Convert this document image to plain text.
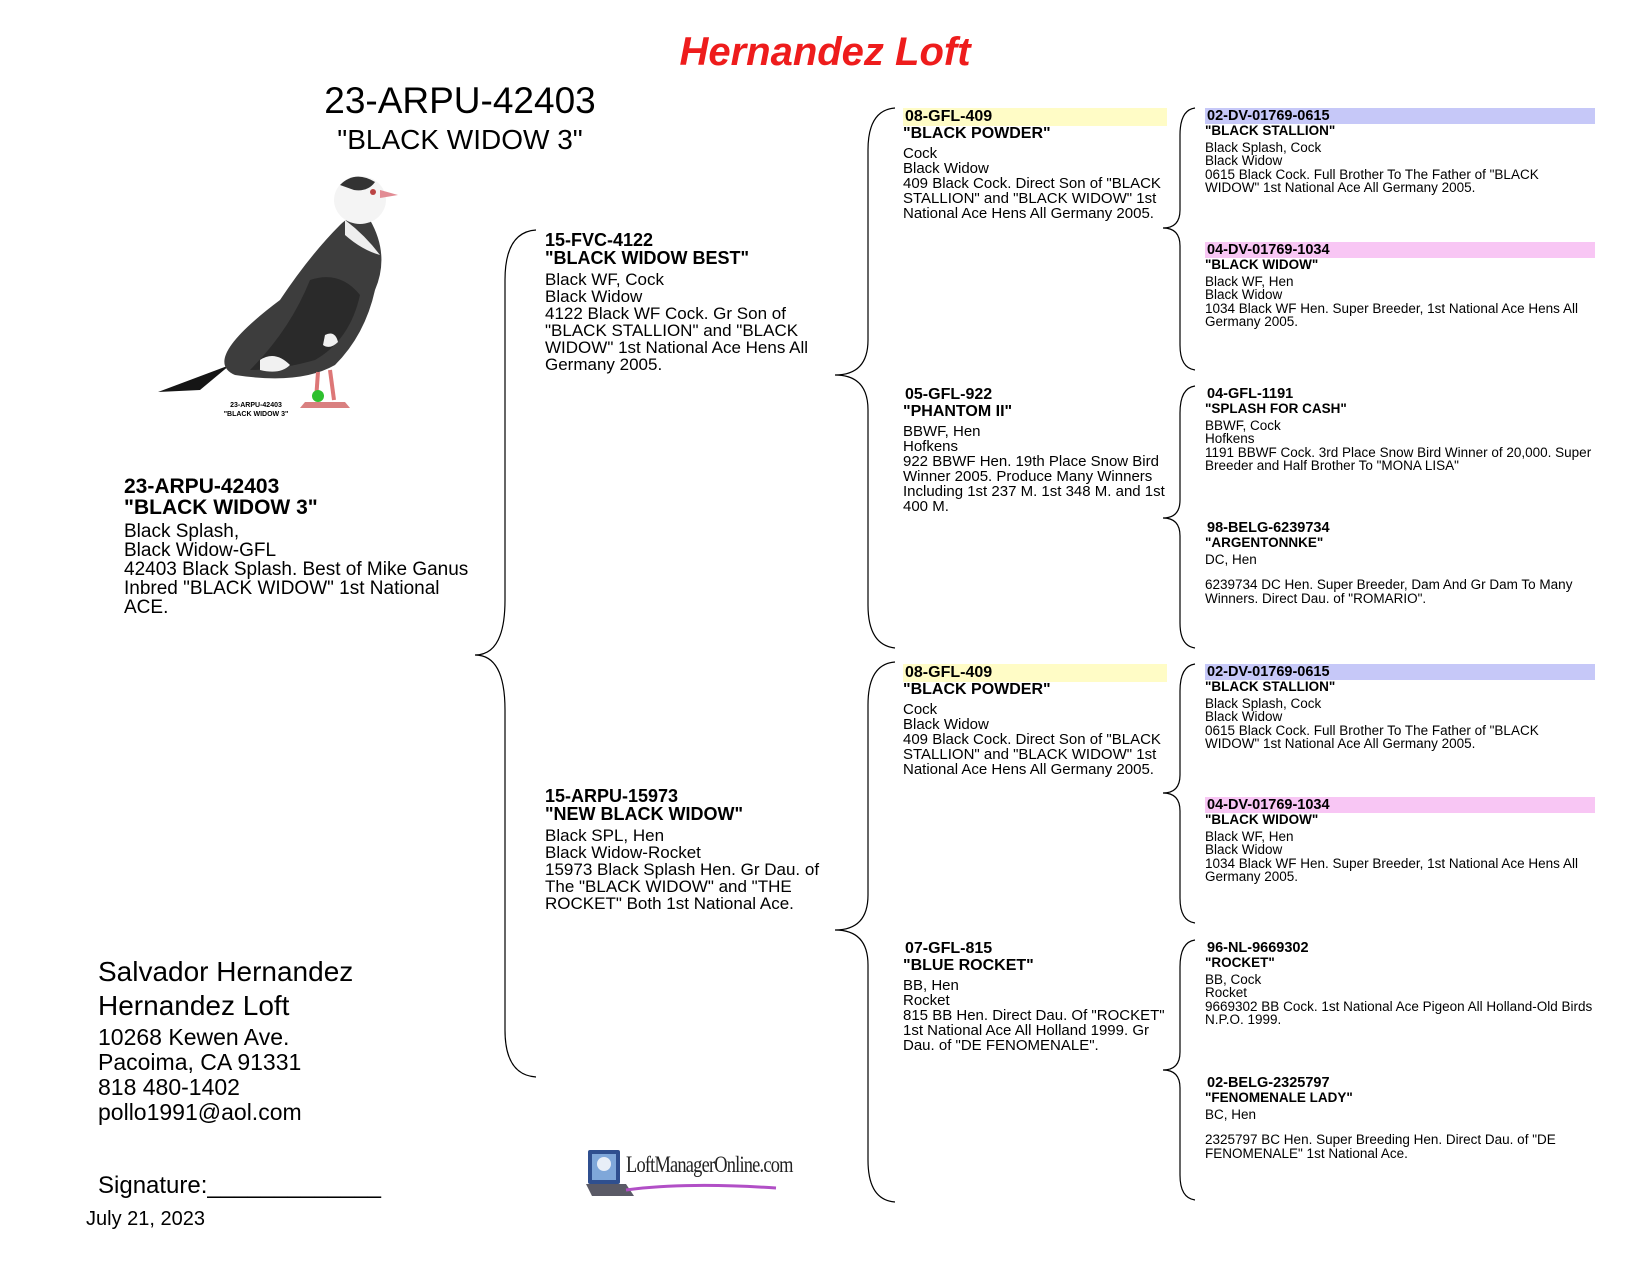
Hernandez Loft
23-ARPU-42403
"BLACK WIDOW 3"
23-ARPU-42403
"BLACK WIDOW 3"
23-ARPU-42403
"BLACK WIDOW 3"
Black Splash,
Black Widow-GFL
42403 Black Splash. Best of Mike Ganus Inbred "BLACK WIDOW" 1st National ACE.
15-FVC-4122
"BLACK WIDOW BEST"
Black WF, Cock
Black Widow
4122 Black WF Cock. Gr Son of "BLACK STALLION" and "BLACK WIDOW" 1st National Ace Hens All Germany 2005.
15-ARPU-15973
"NEW BLACK WIDOW"
Black SPL, Hen
Black Widow-Rocket
15973 Black Splash Hen. Gr Dau. of The "BLACK WIDOW" and "THE ROCKET" Both 1st National Ace.
08-GFL-409
"BLACK POWDER"
Cock
Black Widow
409 Black Cock. Direct Son of "BLACK STALLION" and "BLACK WIDOW" 1st National Ace Hens All Germany 2005.
05-GFL-922
"PHANTOM II"
BBWF, Hen
Hofkens
922 BBWF Hen. 19th Place Snow Bird Winner 2005. Produce Many Winners Including 1st 237 M. 1st 348 M. and 1st 400 M.
08-GFL-409
"BLACK POWDER"
Cock
Black Widow
409 Black Cock. Direct Son of "BLACK STALLION" and "BLACK WIDOW" 1st National Ace Hens All Germany 2005.
07-GFL-815
"BLUE ROCKET"
BB, Hen
Rocket
815 BB Hen. Direct Dau. Of "ROCKET" 1st National Ace All Holland 1999. Gr Dau. of "DE FENOMENALE".
02-DV-01769-0615
"BLACK STALLION"
Black Splash, Cock
Black Widow
0615 Black Cock. Full Brother To The Father of "BLACK WIDOW" 1st National Ace All Germany 2005.
04-DV-01769-1034
"BLACK WIDOW"
Black WF, Hen
Black Widow
1034 Black WF Hen. Super Breeder, 1st National Ace Hens All Germany 2005.
04-GFL-1191
"SPLASH FOR CASH"
BBWF, Cock
Hofkens
1191 BBWF Cock. 3rd Place Snow Bird Winner of 20,000. Super Breeder and Half Brother To "MONA LISA"
98-BELG-6239734
"ARGENTONNKE"
DC, Hen
6239734 DC Hen. Super Breeder, Dam And Gr Dam To Many Winners. Direct Dau. of "ROMARIO".
02-DV-01769-0615
"BLACK STALLION"
Black Splash, Cock
Black Widow
0615 Black Cock. Full Brother To The Father of "BLACK WIDOW" 1st National Ace All Germany 2005.
04-DV-01769-1034
"BLACK WIDOW"
Black WF, Hen
Black Widow
1034 Black WF Hen. Super Breeder, 1st National Ace Hens All Germany 2005.
96-NL-9669302
"ROCKET"
BB, Cock
Rocket
9669302 BB Cock. 1st National Ace Pigeon All Holland-Old Birds N.P.O. 1999.
02-BELG-2325797
"FENOMENALE LADY"
BC, Hen
2325797 BC Hen. Super Breeding Hen. Direct Dau. of "DE FENOMENALE" 1st National Ace.
Salvador Hernandez
Hernandez Loft
10268 Kewen Ave.
Pacoima, CA 91331
818 480-1402
pollo1991@aol.com
Signature:_____________
July 21, 2023
LoftManagerOnline.com
